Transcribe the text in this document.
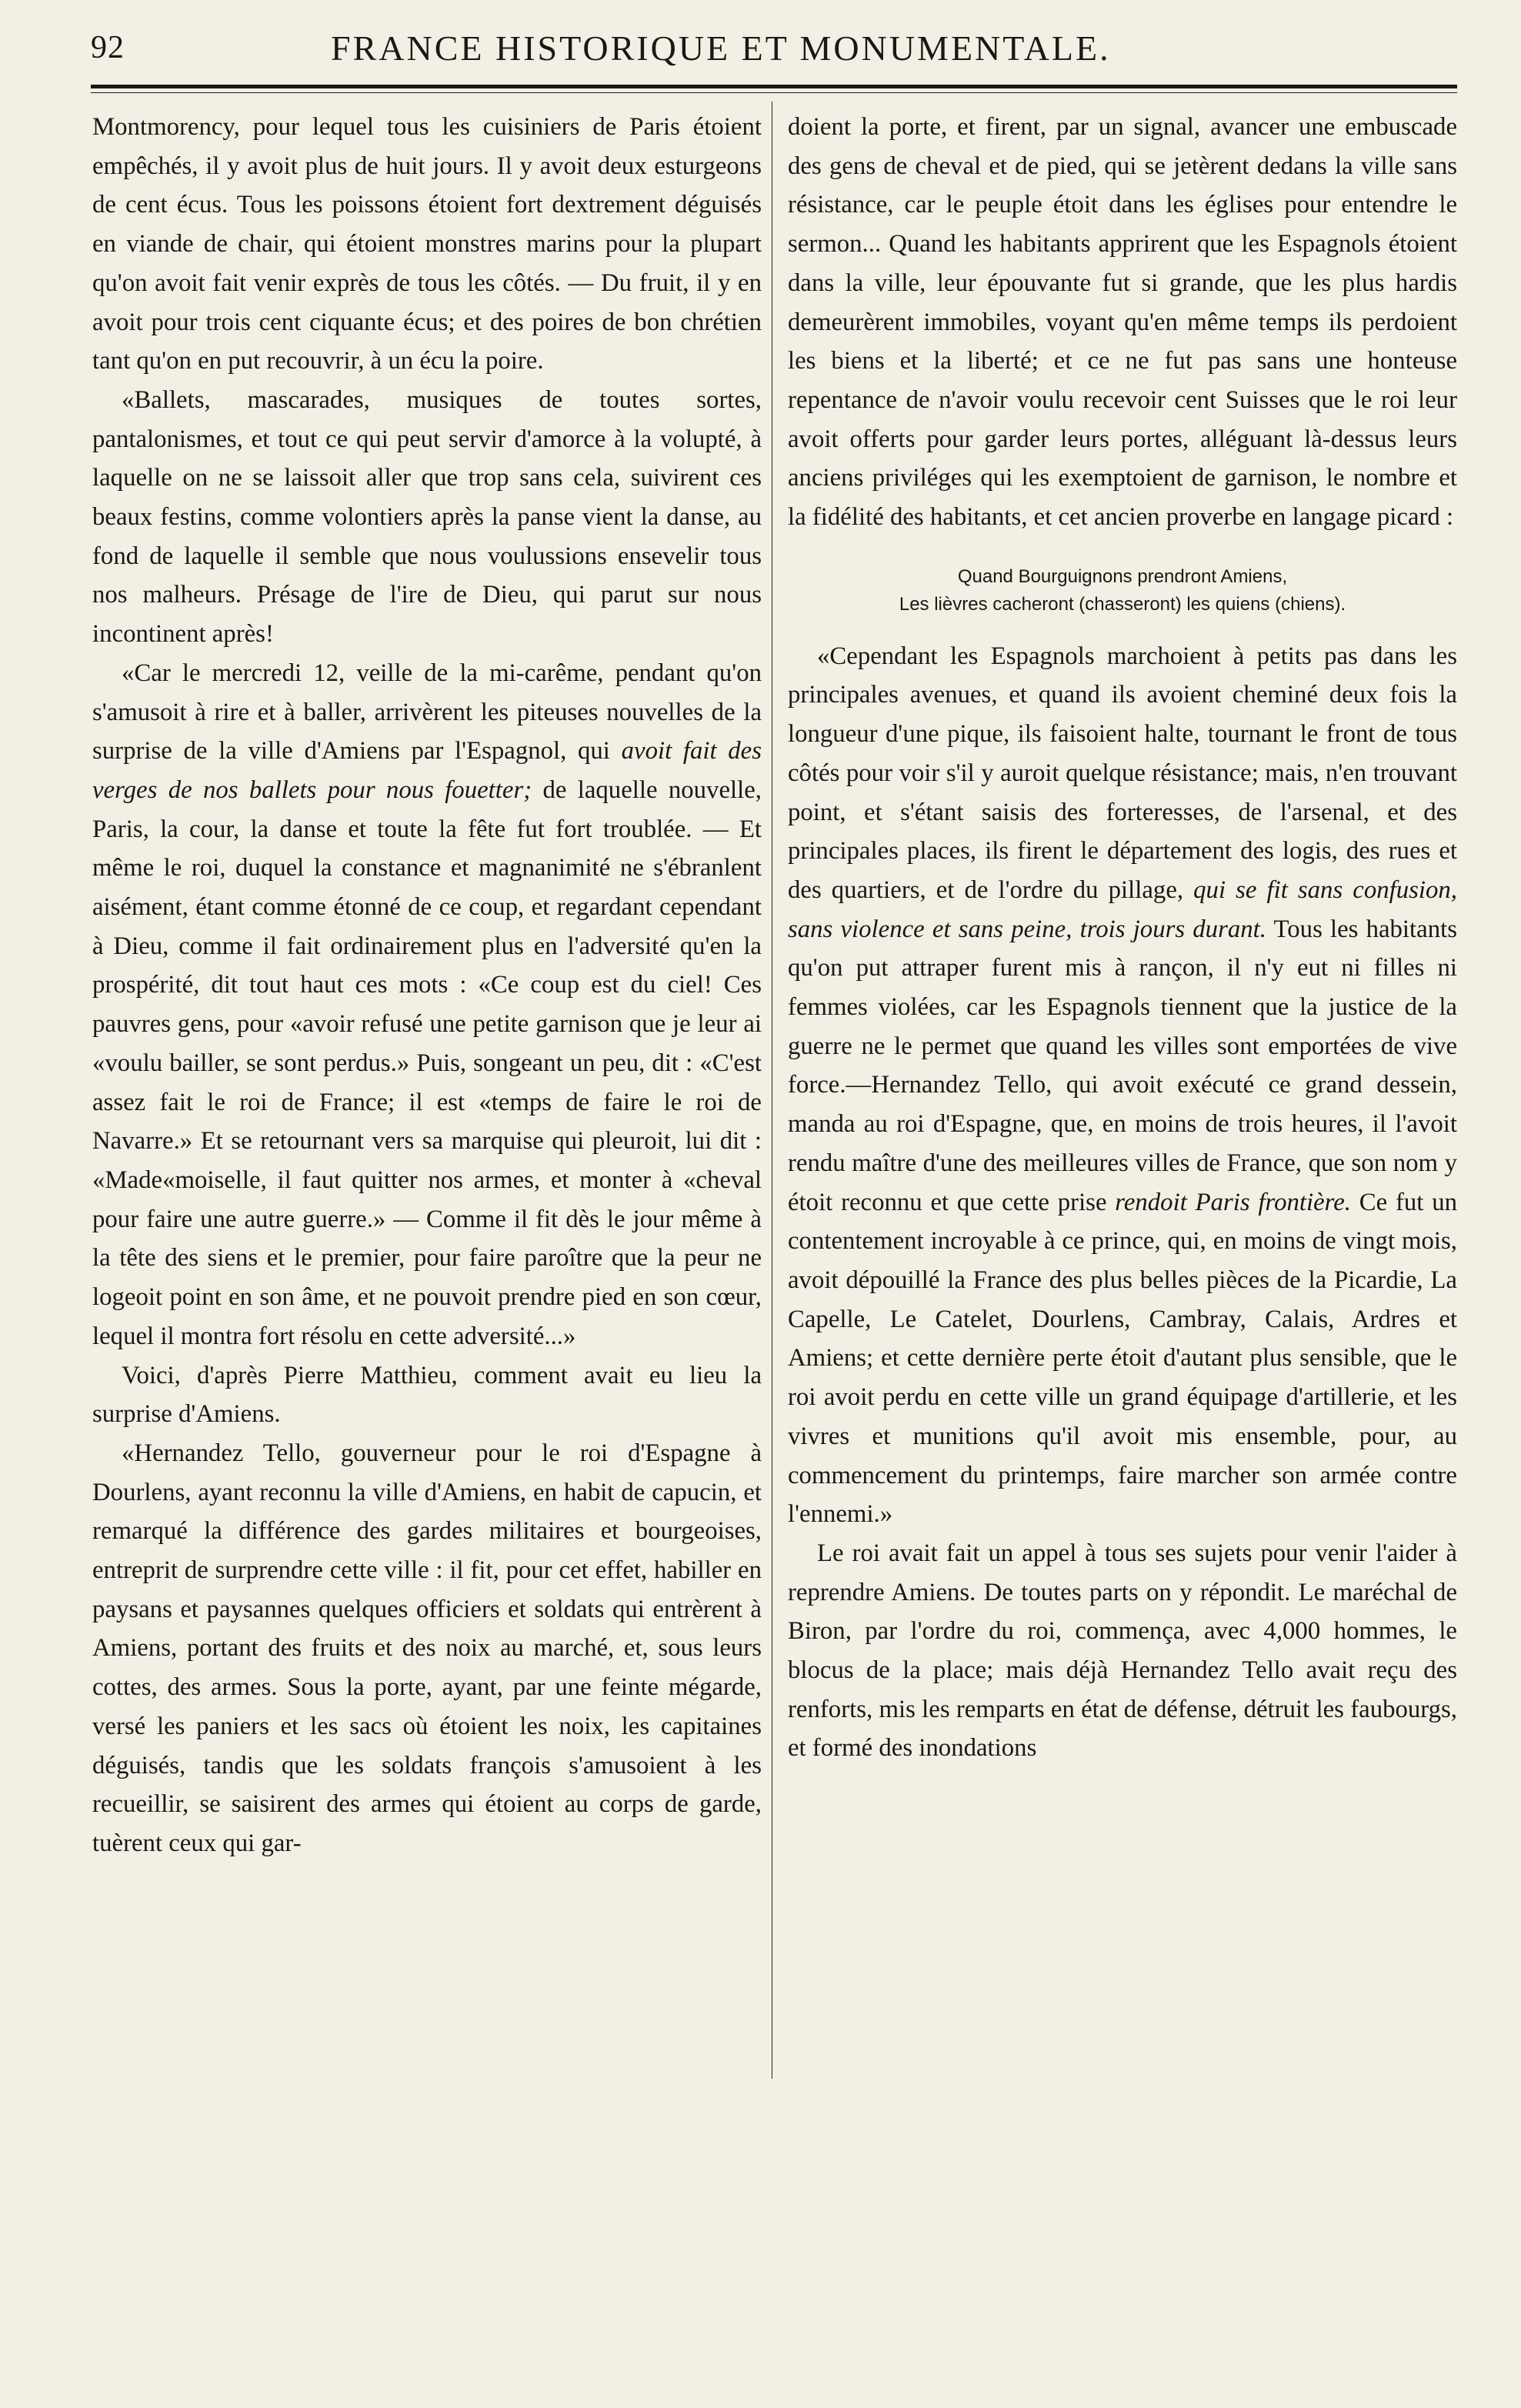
92	FRANCE HISTORIQUE ET MONUMENTALE.

Montmorency, pour lequel tous les cuisiniers de Paris étoient empêchés, il y avoit plus de huit jours. Il y avoit deux esturgeons de cent écus. Tous les poissons étoient fort dextrement déguisés en viande de chair, qui étoient monstres marins pour la plupart qu'on avoit fait venir exprès de tous les côtés. — Du fruit, il y en avoit pour trois cent ciquante écus; et des poires de bon chrétien tant qu'on en put recouvrir, à un écu la poire.

«Ballets, mascarades, musiques de toutes sortes, pantalonismes, et tout ce qui peut servir d'amorce à la volupté, à laquelle on ne se laissoit aller que trop sans cela, suivirent ces beaux festins, comme volontiers après la panse vient la danse, au fond de laquelle il semble que nous voulussions ensevelir tous nos malheurs. Présage de l'ire de Dieu, qui parut sur nous incontinent après!

«Car le mercredi 12, veille de la mi-carême, pendant qu'on s'amusoit à rire et à baller, arrivèrent les piteuses nouvelles de la surprise de la ville d'Amiens par l'Espagnol, qui avoit fait des verges de nos ballets pour nous fouetter; de laquelle nouvelle, Paris, la cour, la danse et toute la fête fut fort troublée. — Et même le roi, duquel la constance et magnanimité ne s'ébranlent aisément, étant comme étonné de ce coup, et regardant cependant à Dieu, comme il fait ordinairement plus en l'adversité qu'en la prospérité, dit tout haut ces mots : «Ce coup est du ciel! Ces pauvres gens, pour «avoir refusé une petite garnison que je leur ai «voulu bailler, se sont perdus.» Puis, songeant un peu, dit : «C'est assez fait le roi de France; il est «temps de faire le roi de Navarre.» Et se retournant vers sa marquise qui pleuroit, lui dit : «Made«moiselle, il faut quitter nos armes, et monter à «cheval pour faire une autre guerre.» — Comme il fit dès le jour même à la tête des siens et le premier, pour faire paroître que la peur ne logeoit point en son âme, et ne pouvoit prendre pied en son cœur, lequel il montra fort résolu en cette adversité...»

Voici, d'après Pierre Matthieu, comment avait eu lieu la surprise d'Amiens.

«Hernandez Tello, gouverneur pour le roi d'Espagne à Dourlens, ayant reconnu la ville d'Amiens, en habit de capucin, et remarqué la différence des gardes militaires et bourgeoises, entreprit de surprendre cette ville : il fit, pour cet effet, habiller en paysans et paysannes quelques officiers et soldats qui entrèrent à Amiens, portant des fruits et des noix au marché, et, sous leurs cottes, des armes. Sous la porte, ayant, par une feinte mégarde, versé les paniers et les sacs où étoient les noix, les capitaines déguisés, tandis que les soldats françois s'amusoient à les recueillir, se saisirent des armes qui étoient au corps de garde, tuèrent ceux qui gar-

doient la porte, et firent, par un signal, avancer une embuscade des gens de cheval et de pied, qui se jetèrent dedans la ville sans résistance, car le peuple étoit dans les églises pour entendre le sermon... Quand les habitants apprirent que les Espagnols étoient dans la ville, leur épouvante fut si grande, que les plus hardis demeurèrent immobiles, voyant qu'en même temps ils perdoient les biens et la liberté; et ce ne fut pas sans une honteuse repentance de n'avoir voulu recevoir cent Suisses que le roi leur avoit offerts pour garder leurs portes, alléguant là-dessus leurs anciens priviléges qui les exemptoient de garnison, le nombre et la fidélité des habitants, et cet ancien proverbe en langage picard :

Quand Bourguignons prendront Amiens,
Les lièvres cacheront (chasseront) les quiens (chiens).

«Cependant les Espagnols marchoient à petits pas dans les principales avenues, et quand ils avoient cheminé deux fois la longueur d'une pique, ils faisoient halte, tournant le front de tous côtés pour voir s'il y auroit quelque résistance; mais, n'en trouvant point, et s'étant saisis des forteresses, de l'arsenal, et des principales places, ils firent le département des logis, des rues et des quartiers, et de l'ordre du pillage, qui se fit sans confusion, sans violence et sans peine, trois jours durant. Tous les habitants qu'on put attraper furent mis à rançon, il n'y eut ni filles ni femmes violées, car les Espagnols tiennent que la justice de la guerre ne le permet que quand les villes sont emportées de vive force.—Hernandez Tello, qui avoit exécuté ce grand dessein, manda au roi d'Espagne, que, en moins de trois heures, il l'avoit rendu maître d'une des meilleures villes de France, que son nom y étoit reconnu et que cette prise rendoit Paris frontière. Ce fut un contentement incroyable à ce prince, qui, en moins de vingt mois, avoit dépouillé la France des plus belles pièces de la Picardie, La Capelle, Le Catelet, Dourlens, Cambray, Calais, Ardres et Amiens; et cette dernière perte étoit d'autant plus sensible, que le roi avoit perdu en cette ville un grand équipage d'artillerie, et les vivres et munitions qu'il avoit mis ensemble, pour, au commencement du printemps, faire marcher son armée contre l'ennemi.»

Le roi avait fait un appel à tous ses sujets pour venir l'aider à reprendre Amiens. De toutes parts on y répondit. Le maréchal de Biron, par l'ordre du roi, commença, avec 4,000 hommes, le blocus de la place; mais déjà Hernandez Tello avait reçu des renforts, mis les remparts en état de défense, détruit les faubourgs, et formé des inondations
